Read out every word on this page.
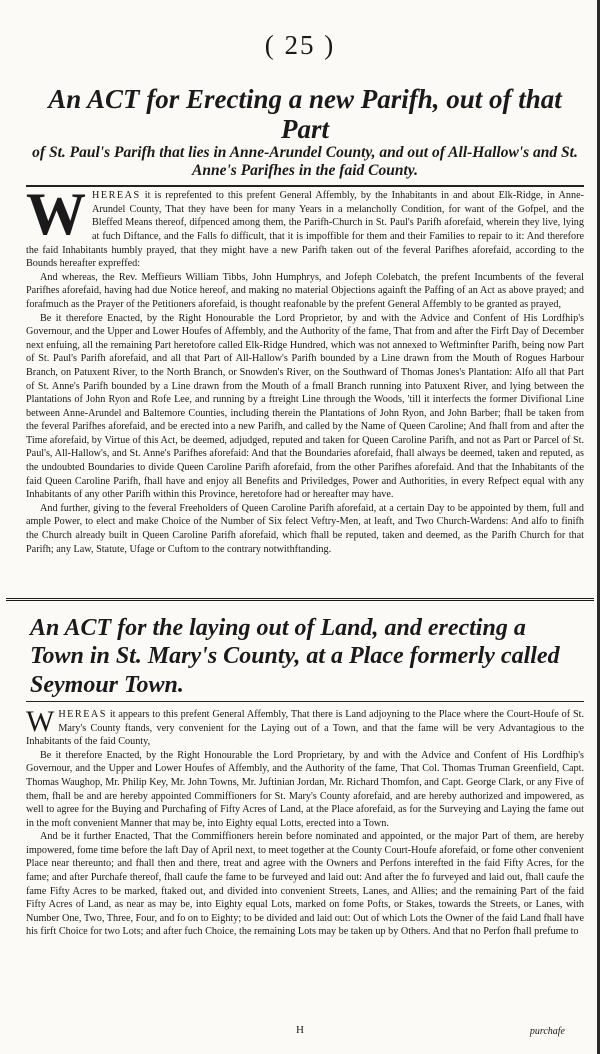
( 25 )
An ACT for Erecting a new Parifh, out of that Part
of St. Paul's Parifh that lies in Anne-Arundel County, and out of All-Hallow's and St. Anne's Parifhes in the faid County.
W HEREAS it is reprefented to this prefent General Affembly, by the Inhabitants in and about Elk-Ridge, in Anne-Arundel County, That they have been for many Years in a melancholly Condition, for want of the Gofpel, and the Bleffed Means thereof, difpenced among them, the Parifh-Church in St. Paul's Parifh aforefaid, wherein they live, lying at fuch Diftance, and the Falls fo difficult, that it is impoffible for them and their Families to repair to it: And therefore the faid Inhabitants humbly prayed, that they might have a new Parifh taken out of the feveral Parifhes aforefaid, according to the Bounds hereafter expreffed:

And whereas, the Rev. Meffieurs William Tibbs, John Humphrys, and Jofeph Colebatch, the prefent Incumbents of the feveral Parifhes aforefaid, having had due Notice hereof, and making no material Objections againft the Paffing of an Act as above prayed; and forafmuch as the Prayer of the Petitioners aforefaid, is thought reafonable by the prefent General Affembly to be granted as prayed,

Be it therefore Enacted, by the Right Honourable the Lord Proprietor, by and with the Advice and Confent of His Lordfhip's Governour, and the Upper and Lower Houfes of Affembly, and the Authority of the fame, That from and after the Firft Day of December next enfuing, all the remaining Part heretofore called Elk-Ridge Hundred, which was not annexed to Weftminfter Parifh, being now Part of St. Paul's Parifh aforefaid, and all that Part of All-Hallow's Parifh bounded by a Line drawn from the Mouth of Rogues Harbour Branch, on Patuxent River, to the North Branch, or Snowden's River, on the Southward of Thomas Jones's Plantation: Alfo all that Part of St. Anne's Parifh bounded by a Line drawn from the Mouth of a fmall Branch running into Patuxent River, and lying between the Plantations of John Ryon and Rofe Lee, and running by a ftreight Line through the Woods, 'till it interfects the former Divifional Line between Anne-Arundel and Baltemore Counties, including therein the Plantations of John Ryon, and John Barber; fhall be taken from the feveral Parifhes aforefaid, and be erected into a new Parifh, and called by the Name of Queen Caroline; And fhall from and after the Time aforefaid, by Virtue of this Act, be deemed, adjudged, reputed and taken for Queen Caroline Parifh, and not as Part or Parcel of St. Paul's, All-Hallow's, and St. Anne's Parifhes aforefaid: And that the Boundaries aforefaid, fhall always be deemed, taken and reputed, as the undoubted Boundaries to divide Queen Caroline Parifh aforefaid, from the other Parifhes aforefaid. And that the Inhabitants of the faid Queen Caroline Parifh, fhall have and enjoy all Benefits and Priviledges, Power and Authorities, in every Refpect equal with any Inhabitants of any other Parifh within this Province, heretofore had or hereafter may have.

And further, giving to the feveral Freeholders of Queen Caroline Parifh aforefaid, at a certain Day to be appointed by them, full and ample Power, to elect and make Choice of the Number of Six felect Veftry-Men, at leaft, and Two Church-Wardens: And alfo to finifh the Church already built in Queen Caroline Parifh aforefaid, which fhall be reputed, taken and deemed, as the Parifh Church for that Parifh; any Law, Statute, Ufage or Cuftom to the contrary notwithftanding.

An ACT for the laying out of Land, and erecting a Town in St. Mary's County, at a Place formerly called Seymour Town.
W HEREAS it appears to this prefent General Affembly, That there is Land adjoyning to the Place where the Court-Houfe of St. Mary's County ftands, very convenient for the Laying out of a Town, and that the fame will be very Advantagious to the Inhabitants of the faid County,

Be it therefore Enacted, by the Right Honourable the Lord Proprietary, by and with the Advice and Confent of His Lordfhip's Governour, and the Upper and Lower Houfes of Affembly, and the Authority of the fame, That Col. Thomas Truman Greenfield, Capt. Thomas Waughop, Mr. Philip Key, Mr. John Towns, Mr. Juftinian Jordan, Mr. Richard Thomfon, and Capt. George Clark, or any Five of them, fhall be and are hereby appointed Commiffioners for St. Mary's County aforefaid, and are hereby authorized and impowered, as well to agree for the Buying and Purchafing of Fifty Acres of Land, at the Place aforefaid, as for the Surveying and Laying the fame out in the moft convenient Manner that may be, into Eighty equal Lotts, erected into a Town.

And be it further Enacted, That the Commiffioners herein before nominated and appointed, or the major Part of them, are hereby impowered, fome time before the laft Day of April next, to meet together at the County Court-Houfe aforefaid, or fome other convenient Place near thereunto; and fhall then and there, treat and agree with the Owners and Perfons interefted in the faid Fifty Acres, for the fame; and after Purchafe thereof, fhall caufe the fame to be furveyed and laid out: And after the fo furveyed and laid out, fhall caufe the fame Fifty Acres to be marked, ftaked out, and divided into convenient Streets, Lanes, and Allies; and the remaining Part of the faid Fifty Acres of Land, as near as may be, into Eighty equal Lots, marked on fome Pofts, or Stakes, towards the Streets, or Lanes, with Number One, Two, Three, Four, and fo on to Eighty; to be divided and laid out: Out of which Lots the Owner of the faid Land fhall have his firft Choice for two Lots; and after fuch Choice, the remaining Lots may be taken up by Others. And that no Perfon fhall prefume to

H	purchafe
